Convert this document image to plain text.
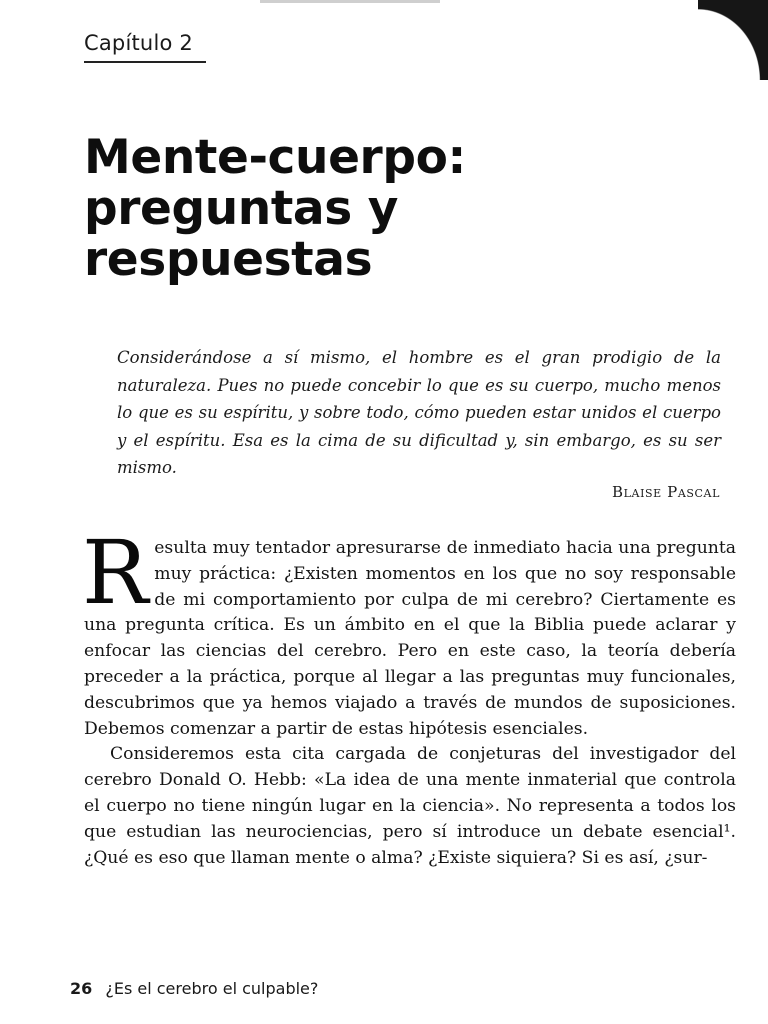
Capítulo 2
Mente-cuerpo:
preguntas y
respuestas
Considerándose a sí mismo, el hombre es el gran prodigio de la naturaleza. Pues no puede concebir lo que es su cuerpo, mucho menos lo que es su espíritu, y sobre todo, cómo pueden estar unidos el cuerpo y el espíritu. Esa es la cima de su dificultad y, sin embargo, es su ser mismo.
Blaise Pascal

Resulta muy tentador apresurarse de inmediato hacia una pregunta muy práctica: ¿Existen momentos en los que no soy responsable de mi comportamiento por culpa de mi cerebro? Ciertamente es una pregunta crítica. Es un ámbito en el que la Biblia puede aclarar y enfocar las ciencias del cerebro. Pero en este caso, la teoría debería preceder a la práctica, porque al llegar a las preguntas muy funcionales, descubrimos que ya hemos viajado a través de mundos de suposiciones. Debemos comenzar a partir de estas hipótesis esenciales.

Consideremos esta cita cargada de conjeturas del investigador del cerebro Donald O. Hebb: «La idea de una mente inmaterial que controla el cuerpo no tiene ningún lugar en la ciencia». No representa a todos los que estudian las neurociencias, pero sí introduce un debate esencial¹. ¿Qué es eso que llaman mente o alma? ¿Existe siquiera? Si es así, ¿sur-

26 ¿Es el cerebro el culpable?
